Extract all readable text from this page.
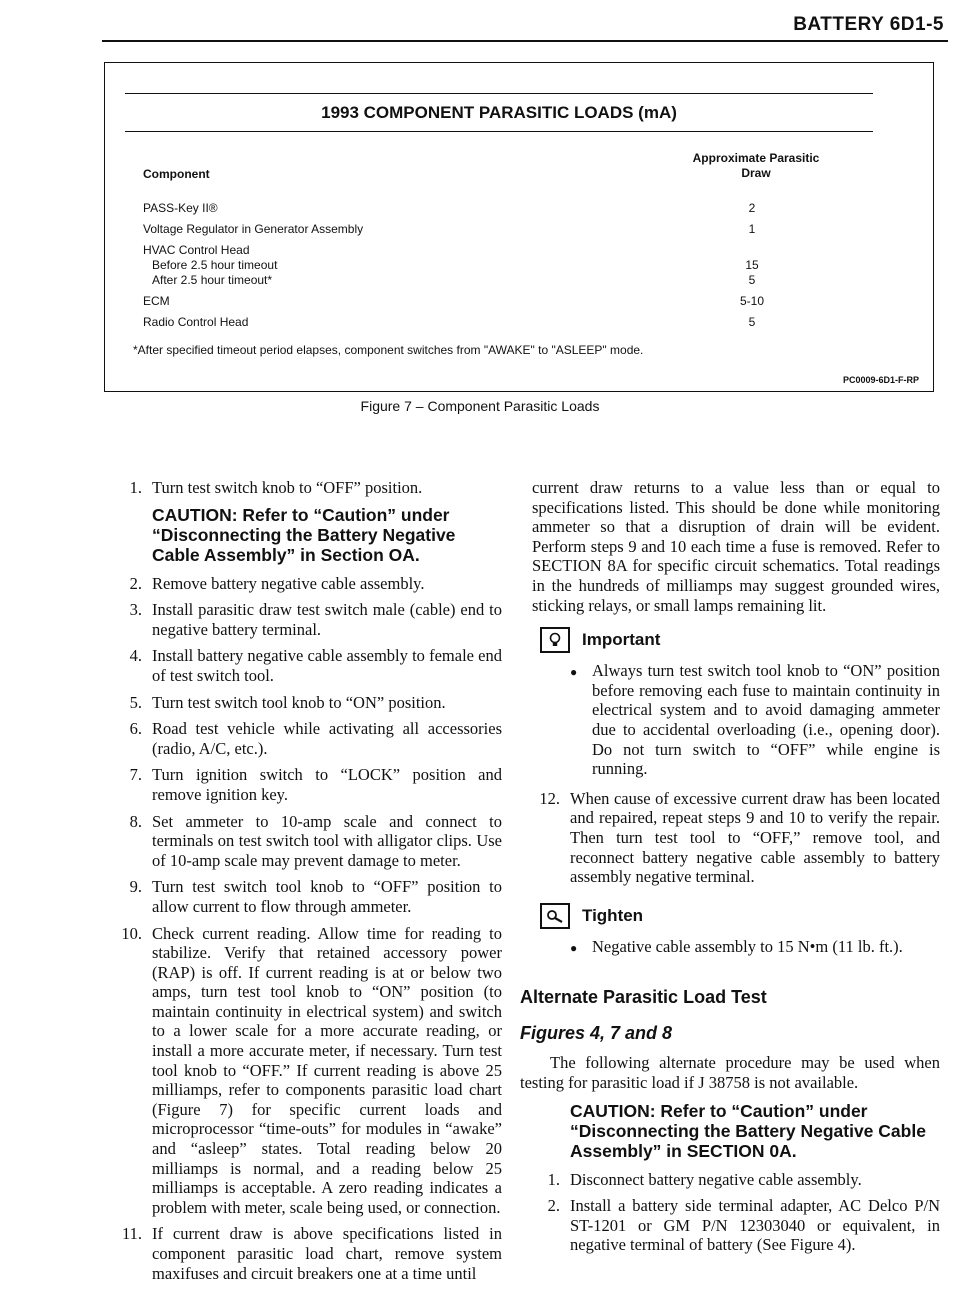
BATTERY 6D1-5
1993 COMPONENT PARASITIC LOADS (mA)
Component
Approximate Parasitic Draw
PASS-Key II®	2
Voltage Regulator in Generator Assembly	1
HVAC Control Head
Before 2.5 hour timeout	15
After 2.5 hour timeout*	5
ECM	5-10
Radio Control Head	5
*After specified timeout period elapses, component switches from "AWAKE" to "ASLEEP" mode.
PC0009-6D1-F-RP
Figure 7 – Component Parasitic Loads
1. Turn test switch knob to “OFF” position.
CAUTION: Refer to “Caution” under “Disconnecting the Battery Negative Cable Assembly” in Section OA.
2. Remove battery negative cable assembly.
3. Install parasitic draw test switch male (cable) end to negative battery terminal.
4. Install battery negative cable assembly to female end of test switch tool.
5. Turn test switch tool knob to “ON” position.
6. Road test vehicle while activating all accessories (radio, A/C, etc.).
7. Turn ignition switch to “LOCK” position and remove ignition key.
8. Set ammeter to 10-amp scale and connect to terminals on test switch tool with alligator clips. Use of 10-amp scale may prevent damage to meter.
9. Turn test switch tool knob to “OFF” position to allow current to flow through ammeter.
10. Check current reading. Allow time for reading to stabilize. Verify that retained accessory power (RAP) is off. If current reading is at or below two amps, turn test tool knob to “ON” position (to maintain continuity in electrical system) and switch to a lower scale for a more accurate reading, or install a more accurate meter, if necessary. Turn test tool knob to “OFF.” If current reading is above 25 milliamps, refer to components parasitic load chart (Figure 7) for specific current loads and microprocessor “time-outs” for modules in “awake” and “asleep” states. Total reading below 20 milliamps is normal, and a reading below 25 milliamps is acceptable. A zero reading indicates a problem with meter, scale being used, or connection.
11. If current draw is above specifications listed in component parasitic load chart, remove system maxifuses and circuit breakers one at a time until
current draw returns to a value less than or equal to specifications listed. This should be done while monitoring ammeter so that a disruption of drain will be evident. Perform steps 9 and 10 each time a fuse is removed. Refer to SECTION 8A for specific circuit schematics. Total readings in the hundreds of milliamps may suggest grounded wires, sticking relays, or small lamps remaining lit.
Important
● Always turn test switch tool knob to “ON” position before removing each fuse to maintain continuity in electrical system and to avoid damaging ammeter due to accidental overloading (i.e., opening door). Do not turn switch to “OFF” while engine is running.
12. When cause of excessive current draw has been located and repaired, repeat steps 9 and 10 to verify the repair. Then turn test tool to “OFF,” remove tool, and reconnect battery negative cable assembly to battery assembly negative terminal.
Tighten
● Negative cable assembly to 15 N•m (11 lb. ft.).
Alternate Parasitic Load Test
Figures 4, 7 and 8
The following alternate procedure may be used when testing for parasitic load if J 38758 is not available.
CAUTION: Refer to “Caution” under “Disconnecting the Battery Negative Cable Assembly” in SECTION 0A.
1. Disconnect battery negative cable assembly.
2. Install a battery side terminal adapter, AC Delco P/N ST-1201 or GM P/N 12303040 or equivalent, in negative terminal of battery (See Figure 4).
